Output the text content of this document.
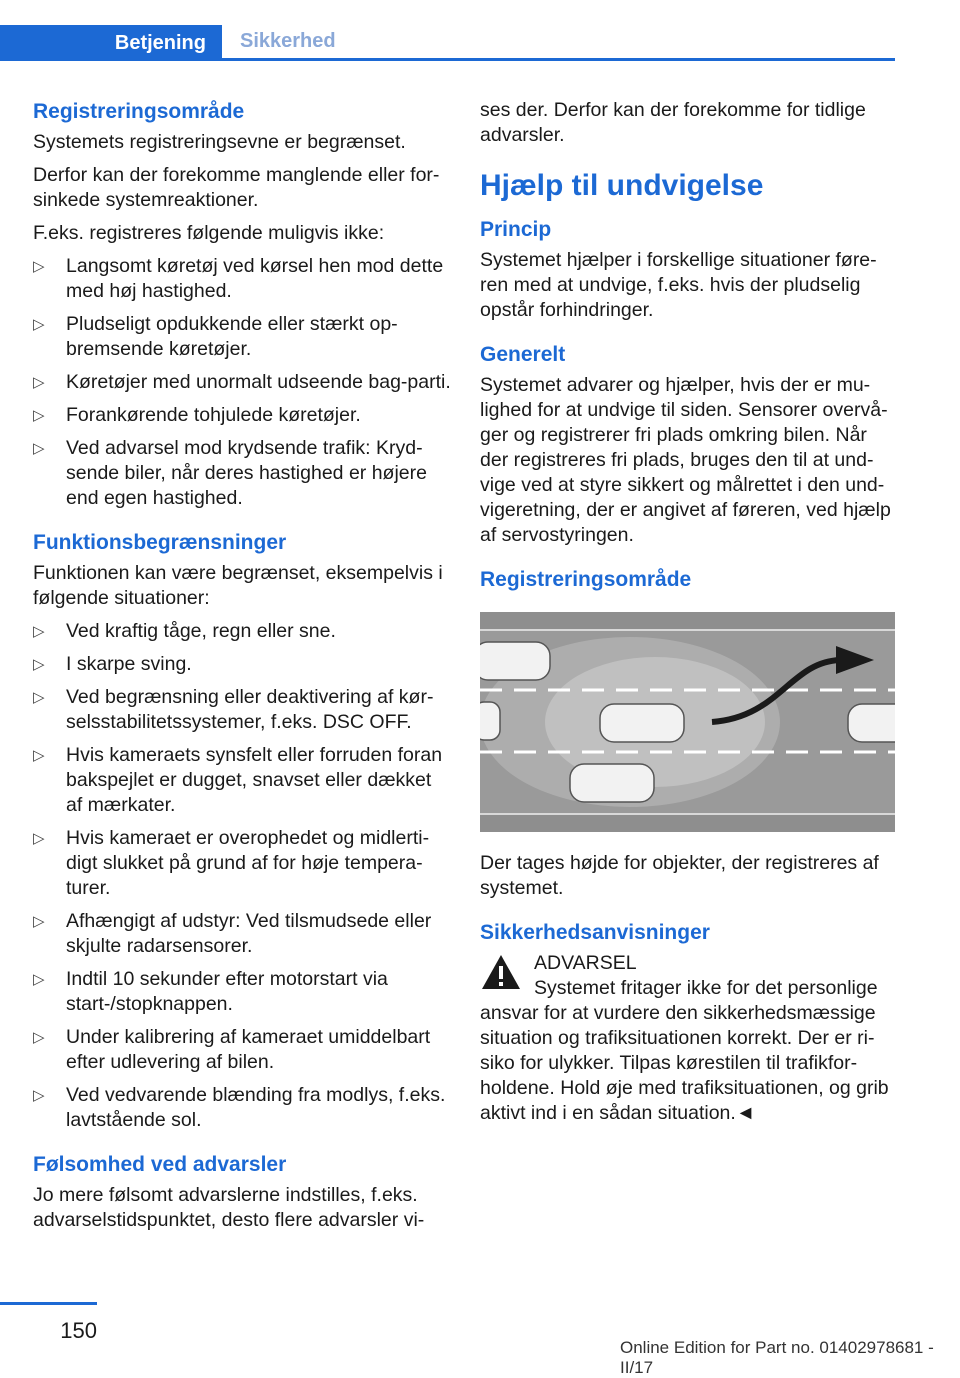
Betjening	Sikkerhed
Registreringsområde

Systemets registreringsevne er begrænset.

Derfor kan der forekomme manglende eller for-sinkede systemreaktioner.

F.eks. registreres følgende muligvis ikke:

▷ Langsomt køretøj ved kørsel hen mod dette med høj hastighed.
▷ Pludseligt opdukkende eller stærkt op-bremsende køretøjer.
▷ Køretøjer med unormalt udseende bag-parti.
▷ Forankørende tohjulede køretøjer.
▷ Ved advarsel mod krydsende trafik: Kryd-sende biler, når deres hastighed er højere end egen hastighed.
Funktionsbegrænsninger

Funktionen kan være begrænset, eksempelvis i følgende situationer:

▷ Ved kraftig tåge, regn eller sne.
▷ I skarpe sving.
▷ Ved begrænsning eller deaktivering af kør-selsstabilitetssystemer, f.eks. DSC OFF.
▷ Hvis kameraets synsfelt eller forruden foran bakspejlet er dugget, snavset eller dækket af mærkater.
▷ Hvis kameraet er overophedet og midlerti-digt slukket på grund af for høje tempera-turer.
▷ Afhængigt af udstyr: Ved tilsmudsede eller skjulte radarsensorer.
▷ Indtil 10 sekunder efter motorstart via start-/stopknappen.
▷ Under kalibrering af kameraet umiddelbart efter udlevering af bilen.
▷ Ved vedvarende blænding fra modlys, f.eks. lavtstående sol.
Følsomhed ved advarsler

Jo mere følsomt advarslerne indstilles, f.eks. advarselstidspunktet, desto flere advarsler vi-

ses der. Derfor kan der forekomme for tidlige advarsler.

Hjælp til undvigelse
Princip

Systemet hjælper i forskellige situationer føre-ren med at undvige, f.eks. hvis der pludselig opstår forhindringer.

Generelt

Systemet advarer og hjælper, hvis der er mu-lighed for at undvige til siden. Sensorer overvå-ger og registrerer fri plads omkring bilen. Når der registreres fri plads, bruges den til at und-vige ved at styre sikkert og målrettet i den und-vigeretning, der er angivet af føreren, ved hjælp af servostyringen.

Registreringsområde

Der tages højde for objekter, der registreres af systemet.

Sikkerhedsanvisninger

ADVARSEL

Systemet fritager ikke for det personlige ansvar for at vurdere den sikkerhedsmæssige situation og trafiksituationen korrekt. Der er ri-siko for ulykker. Tilpas kørestilen til trafikfor-holdene. Hold øje med trafiksituationen, og grib aktivt ind i en sådan situation.◄

150
Online Edition for Part no. 01402978681 - II/17
